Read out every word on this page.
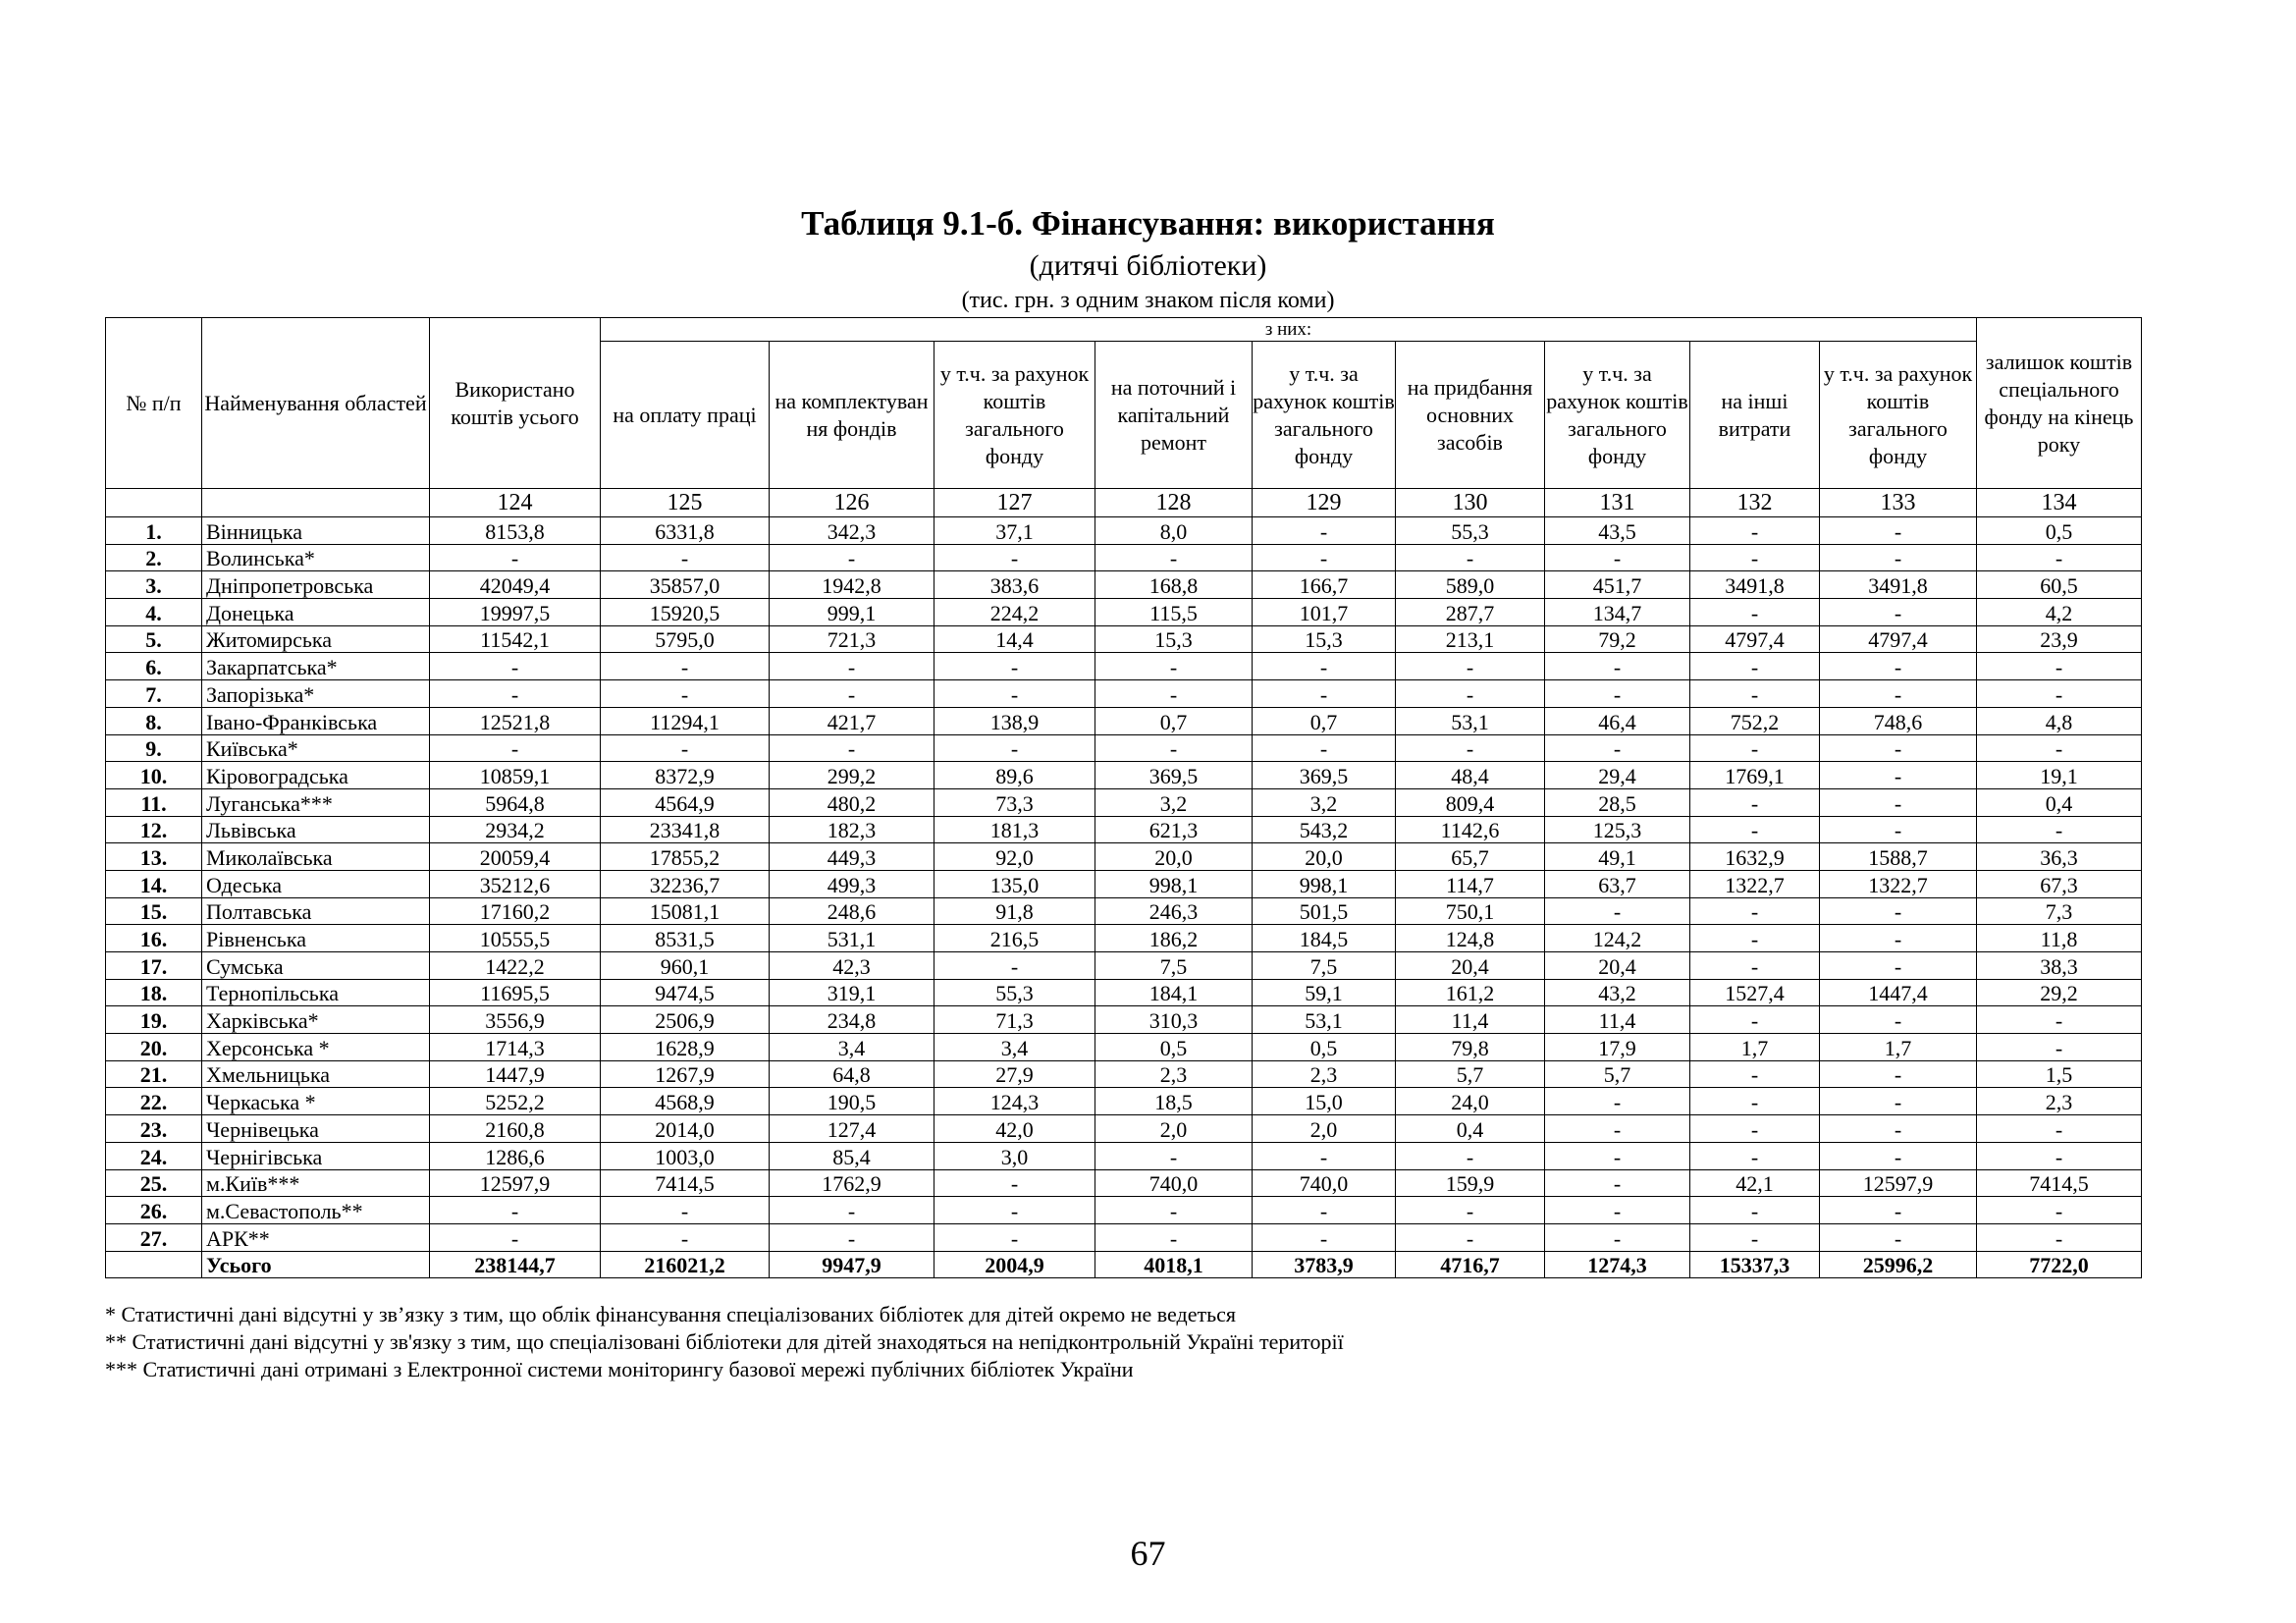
Таблиця 9.1-б. Фінансування: використання
(дитячі бібліотеки)
(тис. грн. з одним знаком після коми)
№ п/п	Найменування областей	Використано коштів усього	з них:									залишок коштів спеціального фонду на кінець року
			на оплату праці	на комплектуван ня фондів	у т.ч. за рахунок коштів загального фонду	на поточний і капітальний ремонт	у т.ч. за рахунок коштів загального фонду	на придбання основних засобів	у т.ч. за рахунок коштів загального фонду	на інші витрати	у т.ч. за рахунок коштів загального фонду	
		124	125	126	127	128	129	130	131	132	133	134
1.	Вінницька	8153,8	6331,8	342,3	37,1	8,0	-	55,3	43,5	-	-	0,5
2.	Волинська*	-	-	-	-	-	-	-	-	-	-	-
3.	Дніпропетровська	42049,4	35857,0	1942,8	383,6	168,8	166,7	589,0	451,7	3491,8	3491,8	60,5
4.	Донецька	19997,5	15920,5	999,1	224,2	115,5	101,7	287,7	134,7	-	-	4,2
5.	Житомирська	11542,1	5795,0	721,3	14,4	15,3	15,3	213,1	79,2	4797,4	4797,4	23,9
6.	Закарпатська*	-	-	-	-	-	-	-	-	-	-	-
7.	Запорізька*	-	-	-	-	-	-	-	-	-	-	-
8.	Івано-Франківська	12521,8	11294,1	421,7	138,9	0,7	0,7	53,1	46,4	752,2	748,6	4,8
9.	Київська*	-	-	-	-	-	-	-	-	-	-	-
10.	Кіровоградська	10859,1	8372,9	299,2	89,6	369,5	369,5	48,4	29,4	1769,1	-	19,1
11.	Луганська***	5964,8	4564,9	480,2	73,3	3,2	3,2	809,4	28,5	-	-	0,4
12.	Львівська	2934,2	23341,8	182,3	181,3	621,3	543,2	1142,6	125,3	-	-	-
13.	Миколаївська	20059,4	17855,2	449,3	92,0	20,0	20,0	65,7	49,1	1632,9	1588,7	36,3
14.	Одеська	35212,6	32236,7	499,3	135,0	998,1	998,1	114,7	63,7	1322,7	1322,7	67,3
15.	Полтавська	17160,2	15081,1	248,6	91,8	246,3	501,5	750,1	-	-	-	7,3
16.	Рівненська	10555,5	8531,5	531,1	216,5	186,2	184,5	124,8	124,2	-	-	11,8
17.	Сумська	1422,2	960,1	42,3	-	7,5	7,5	20,4	20,4	-	-	38,3
18.	Тернопільська	11695,5	9474,5	319,1	55,3	184,1	59,1	161,2	43,2	1527,4	1447,4	29,2
19.	Харківська*	3556,9	2506,9	234,8	71,3	310,3	53,1	11,4	11,4	-	-	-
20.	Херсонська *	1714,3	1628,9	3,4	3,4	0,5	0,5	79,8	17,9	1,7	1,7	-
21.	Хмельницька	1447,9	1267,9	64,8	27,9	2,3	2,3	5,7	5,7	-	-	1,5
22.	Черкаська *	5252,2	4568,9	190,5	124,3	18,5	15,0	24,0	-	-	-	2,3
23.	Чернівецька	2160,8	2014,0	127,4	42,0	2,0	2,0	0,4	-	-	-	-
24.	Чернігівська	1286,6	1003,0	85,4	3,0	-	-	-	-	-	-	-
25.	м.Київ***	12597,9	7414,5	1762,9	-	740,0	740,0	159,9	-	42,1	12597,9	7414,5
26.	м.Севастополь**	-	-	-	-	-	-	-	-	-	-	-
27.	АРК**	-	-	-	-	-	-	-	-	-	-	-
	Усього	238144,7	216021,2	9947,9	2004,9	4018,1	3783,9	4716,7	1274,3	15337,3	25996,2	7722,0
* Статистичні дані відсутні у зв’язку з тим, що облік фінансування спеціалізованих бібліотек для дітей окремо не ведеться
** Статистичні дані відсутні у зв'язку з тим, що спеціалізовані бібліотеки для дітей знаходяться на непідконтрольній Україні території
*** Статистичні дані отримані з Електронної системи моніторингу базової мережі публічних бібліотек України
67
